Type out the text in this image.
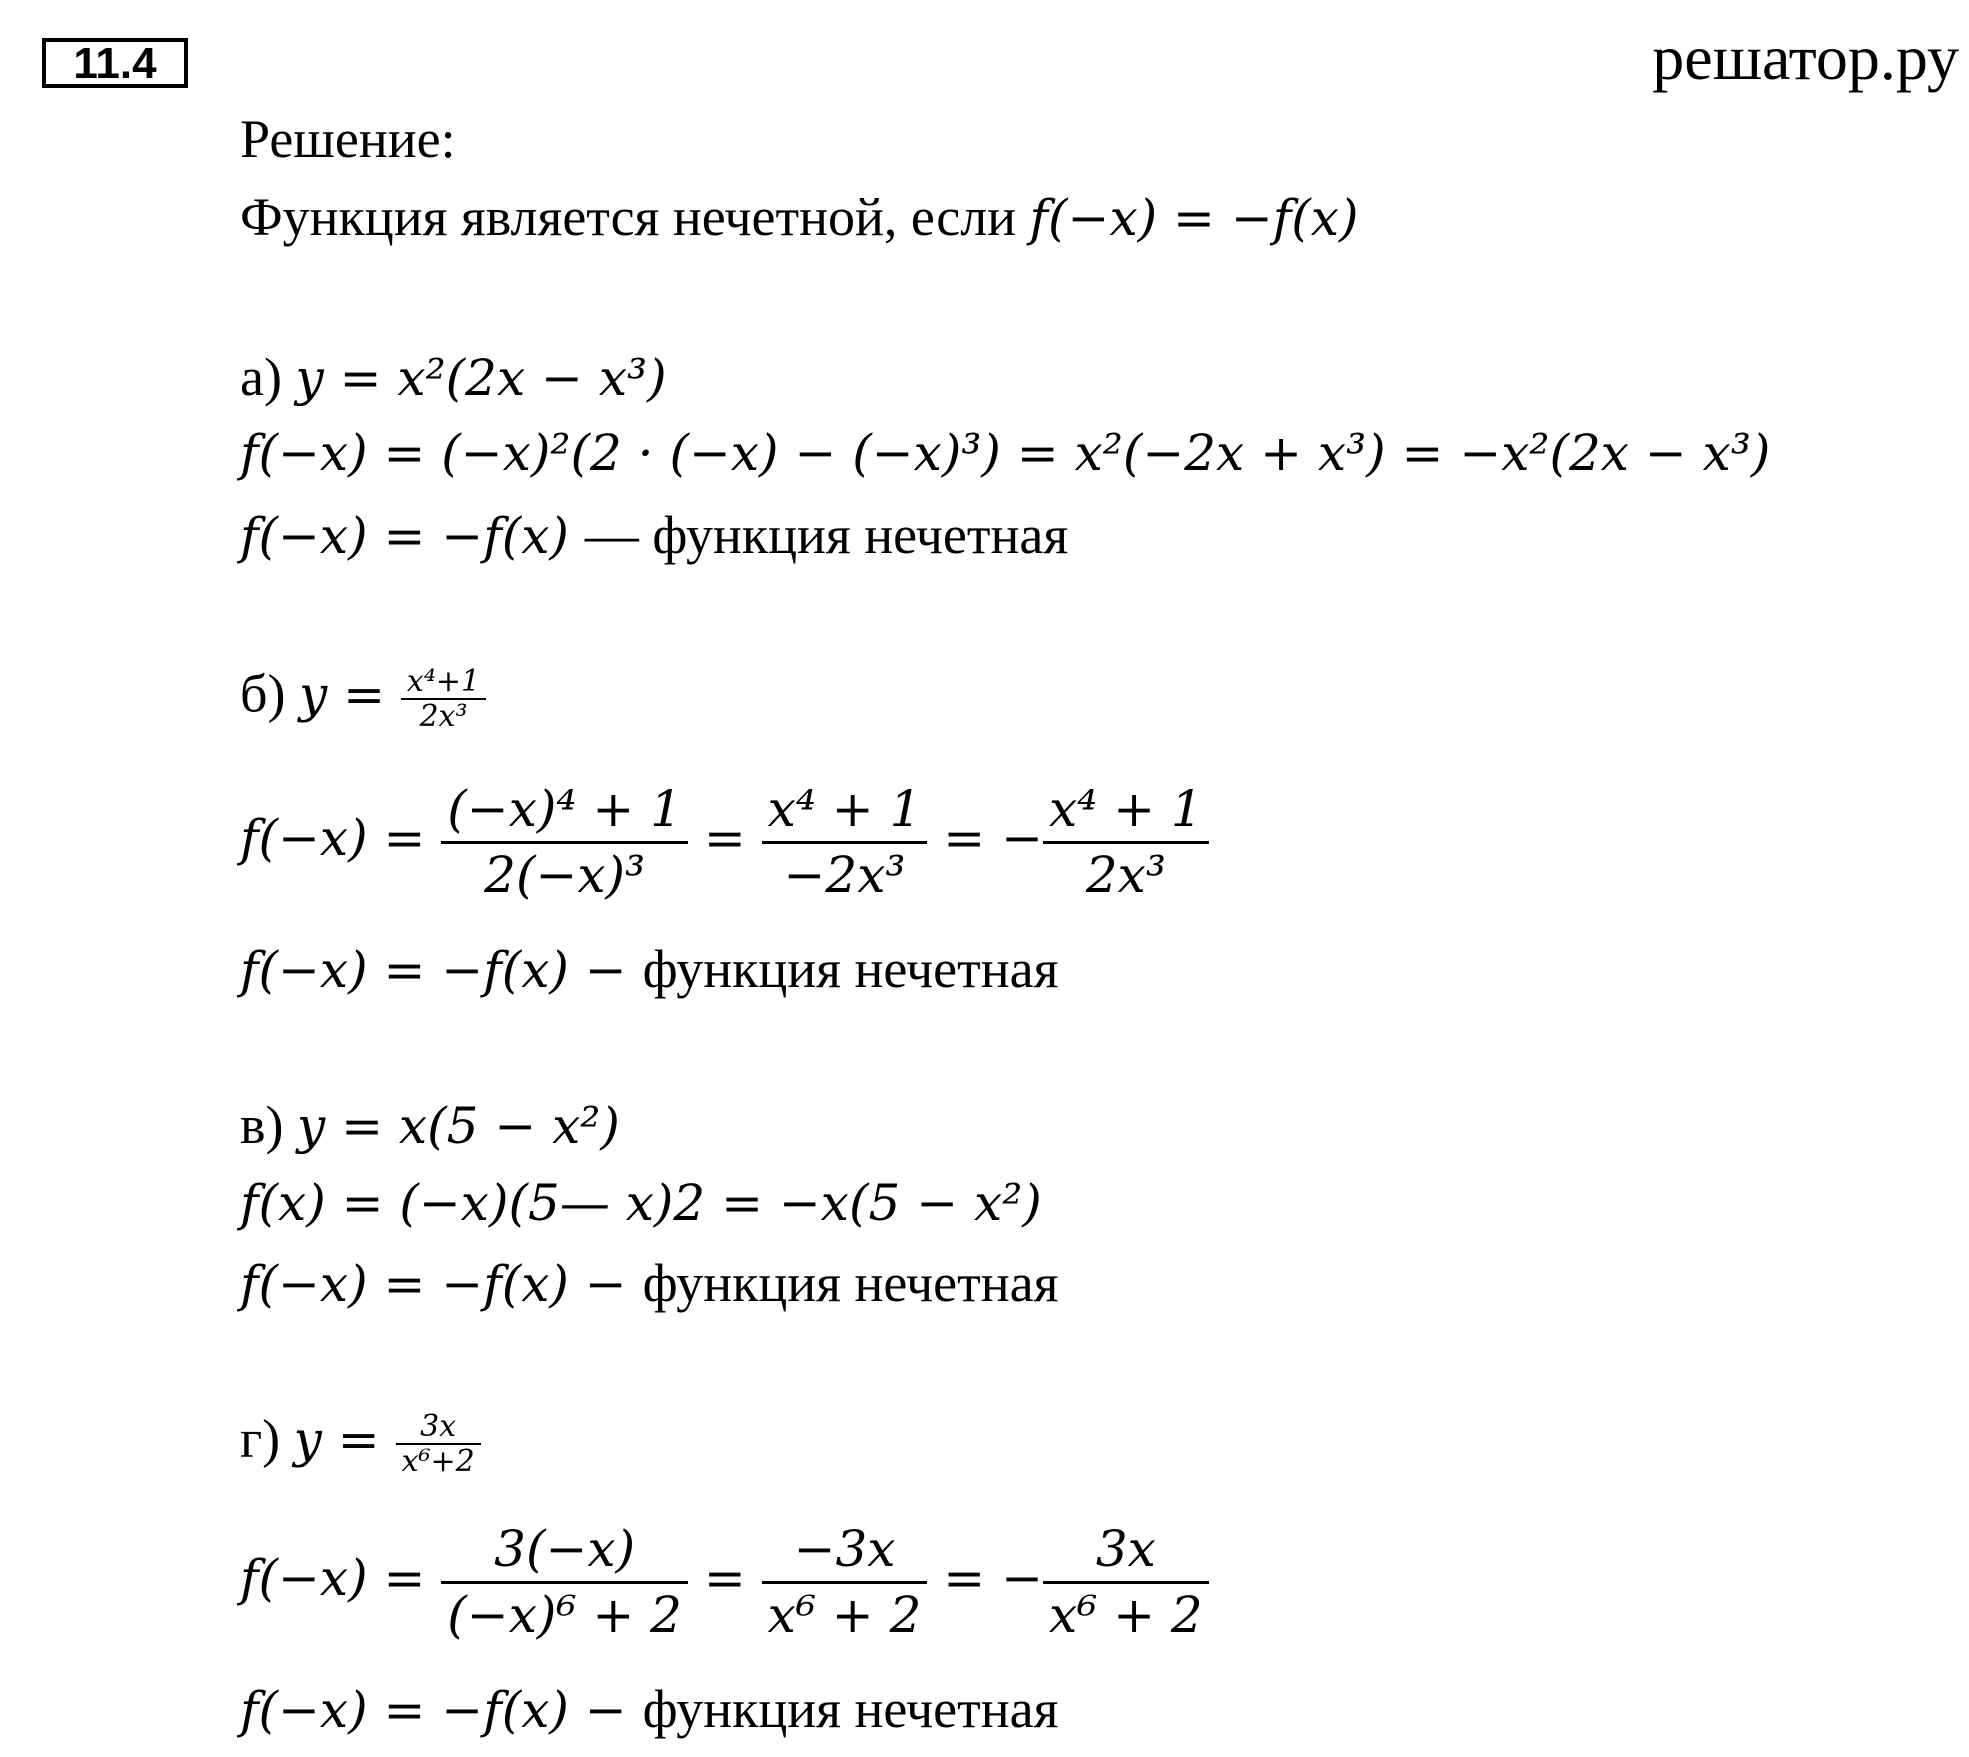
11.4	решатор.ру
Решение:
Функция является нечетной, если f(−x) = −f(x)
а) y = x²(2x − x³)
f(−x) = (−x)²(2 · (−x) − (−x)³) = x²(−2x + x³) = −x²(2x − x³)
f(−x) = −f(x) — функция нечетная
б) $y = \frac{\text{x⁴+1}}{\text{2x³}}$
$f(-x) = \frac{\text{(−x)⁴ + 1}}{\text{2(−x)³}} = \frac{\text{x⁴ + 1}}{\text{−2x³}}$ = − $\frac{\text{x⁴ + 1}}{\text{2x³}}$
f(−x) = −f(x) − функция нечетная
в) y = x(5 − x²)
f(x) = (−x)(5— x)2 = −x(5 − x²)
f(−x) = −f(x) − функция нечетная
г) $y = \frac{3x}{\text{x⁶+2}}$
$f(-x) = \frac{3(-x)}{\text{(−x)⁶ + 2}} = \frac{-3x}{\text{x⁶ + 2}}$ = − $\frac{3x}{\text{x⁶ + 2}}$
f(−x) = −f(x) − функция нечетная
